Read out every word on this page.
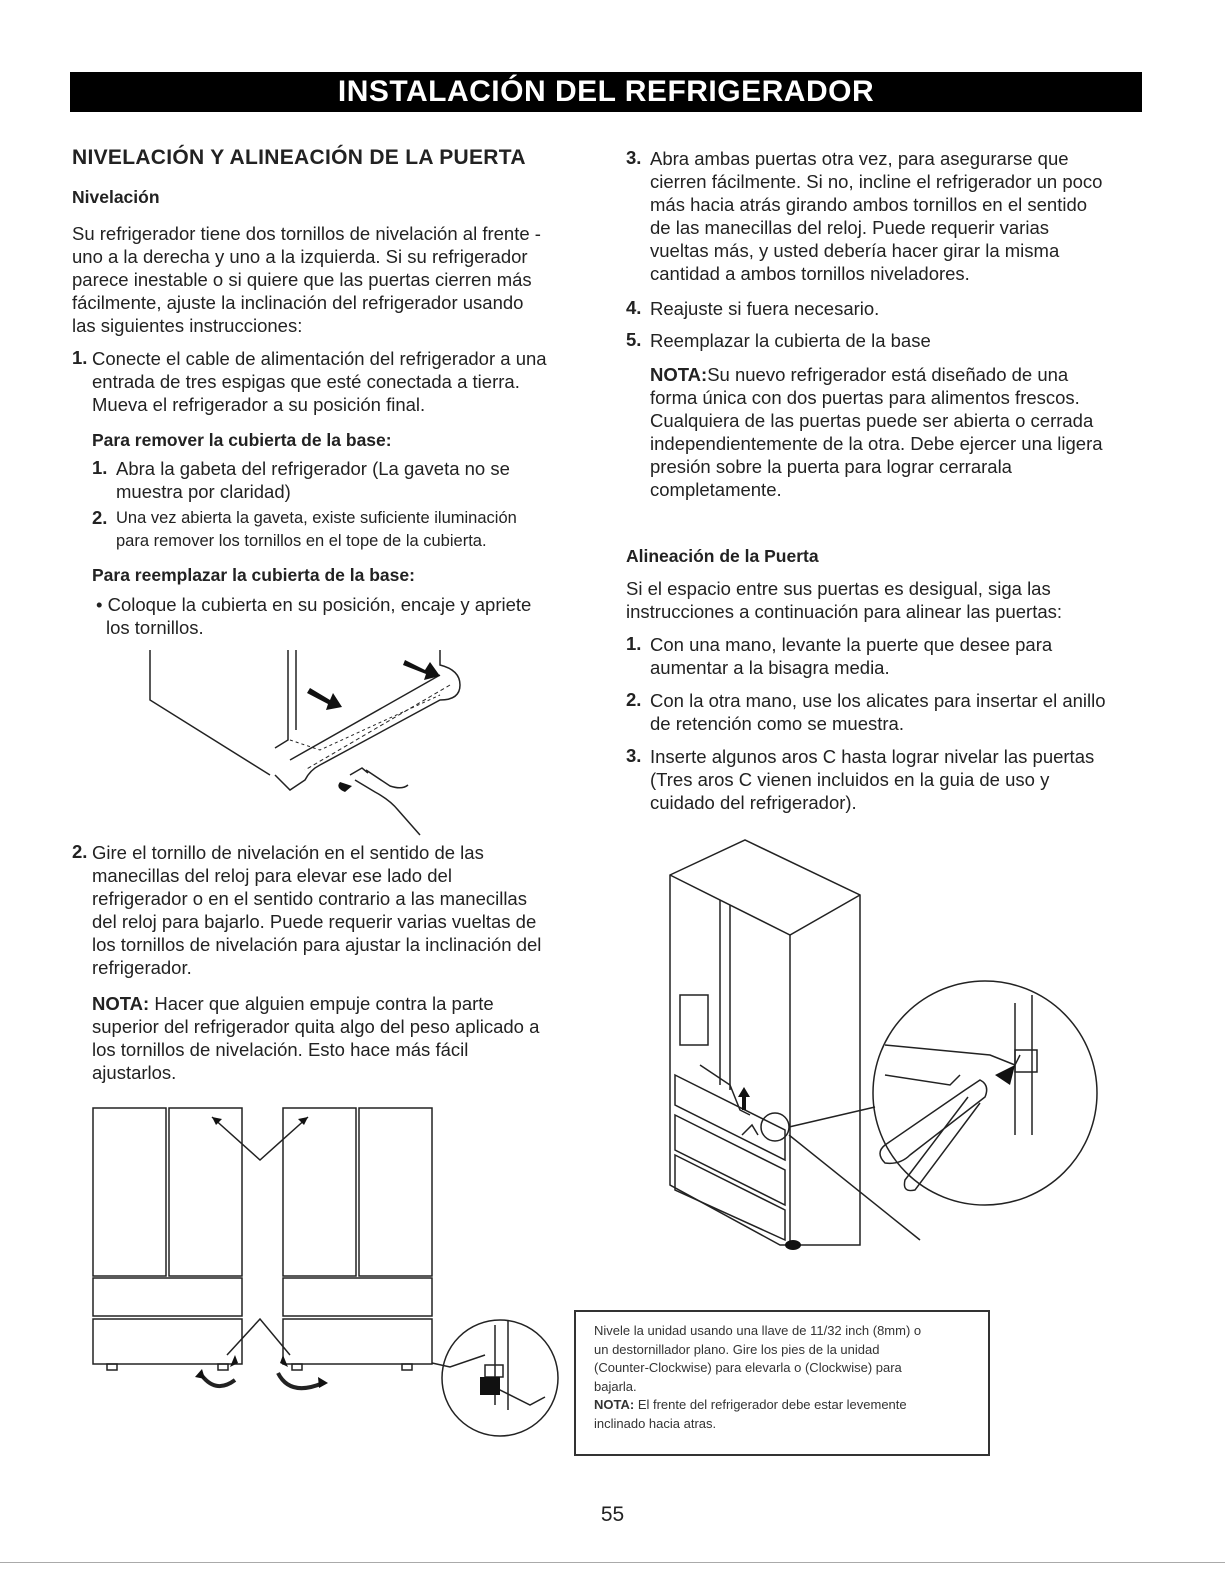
INSTALACIÓN DEL REFRIGERADOR
NIVELACIÓN Y ALINEACIÓN DE LA PUERTA
Nivelación
Su refrigerador tiene dos tornillos de nivelación al frente -
uno a la derecha y uno a la izquierda. Si su refrigerador
parece inestable o si quiere que las puertas cierren más
fácilmente, ajuste la inclinación del refrigerador usando
las siguientes instrucciones:
1. Conecte el cable de alimentación del refrigerador a una
entrada de tres espigas que esté conectada a tierra.
Mueva el refrigerador a su posición final.
Para remover la cubierta de la base:
1. Abra la gabeta del refrigerador (La gaveta no se
muestra por claridad)
2. Una vez abierta la gaveta, existe suficiente iluminación
para remover los tornillos en el tope de la cubierta.
Para reemplazar la cubierta de la base:
• Coloque la cubierta en su posición, encaje y apriete
los tornillos.
2. Gire el tornillo de nivelación en el sentido de las
manecillas del reloj para elevar ese lado del
refrigerador o en el sentido contrario a las manecillas
del reloj para bajarlo. Puede requerir varias vueltas de
los tornillos de nivelación para ajustar la inclinación del
refrigerador.
NOTA: Hacer que alguien empuje contra la parte
superior del refrigerador quita algo del peso aplicado a
los tornillos de nivelación. Esto hace más fácil
ajustarlos.
3. Abra ambas puertas otra vez, para asegurarse que
cierren fácilmente. Si no, incline el refrigerador un poco
más hacia atrás girando ambos tornillos en el sentido
de las manecillas del reloj. Puede requerir varias
vueltas más, y usted debería hacer girar la misma
cantidad a ambos tornillos niveladores.
4. Reajuste si fuera necesario.
5. Reemplazar la cubierta de la base
NOTA:Su nuevo refrigerador está diseñado de una
forma única con dos puertas para alimentos frescos.
Cualquiera de las puertas puede ser abierta o cerrada
independientemente de la otra. Debe ejercer una ligera
presión sobre la puerta para lograr cerrarala
completamente.
Alineación de la Puerta
Si el espacio entre sus puertas es desigual, siga las
instrucciones a continuación para alinear las puertas:
1. Con una mano, levante la puerte que desee para
aumentar a la bisagra media.
2. Con la otra mano, use los alicates para insertar el anillo
de retención como se muestra.
3. Inserte algunos aros C hasta lograr nivelar las puertas
(Tres aros C vienen incluidos en la guia de uso y
cuidado del refrigerador).
Nivele la unidad usando una llave de 11/32 inch (8mm) o
un destornillador plano. Gire los pies de la unidad
(Counter-Clockwise) para elevarla o (Clockwise) para
bajarla.
NOTA: El frente del refrigerador debe estar levemente
inclinado hacia atras.
55
